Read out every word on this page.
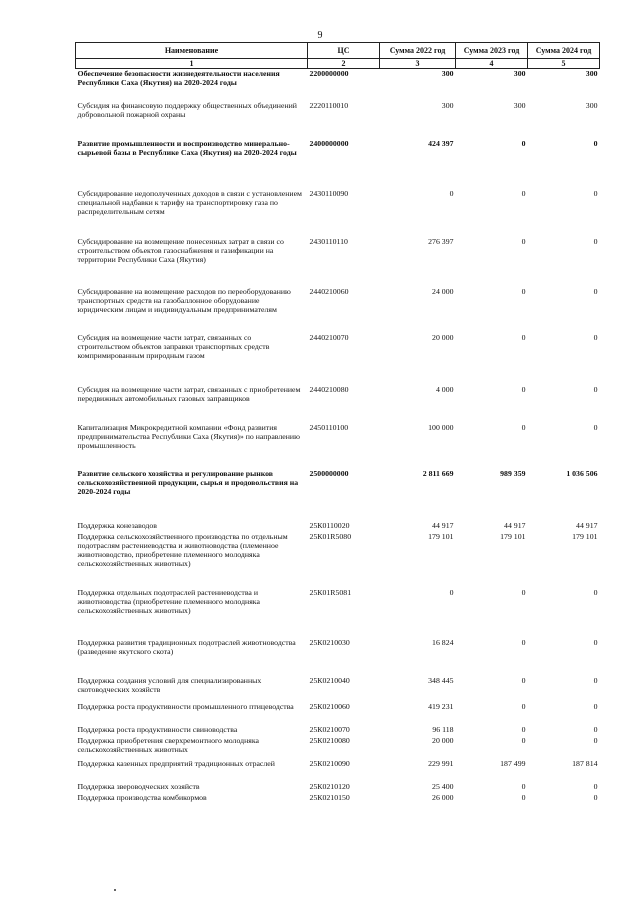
9
Наименование	ЦС	Сумма 2022 год	Сумма 2023 год	Сумма 2024 год
1	2	3	4	5
Обеспечение безопасности жизнедеятельности населения Республики Саха (Якутия) на 2020-2024 годы	2200000000	300	300	300
Субсидия на финансовую поддержку общественных объединений добровольной пожарной охраны	2220110010	300	300	300
Развитие промышленности и воспроизводство минерально-сырьевой базы в Республике Саха (Якутия) на 2020-2024 годы	2400000000	424 397	0	0
Субсидирование недополученных доходов в связи с установлением специальной надбавки к тарифу на транспортировку газа по распределительным сетям	2430110090	0	0	0
Субсидирование на возмещение понесенных затрат в связи со строительством объектов газоснабжения и газификации на территории Республики Саха (Якутия)	2430110110	276 397	0	0
Субсидирование на возмещение расходов по переоборудованию транспортных средств на газобаллонное оборудование юридическим лицам и индивидуальным предпринимателям	2440210060	24 000	0	0
Субсидия на возмещение части затрат, связанных со строительством объектов заправки транспортных средств компримированным природным газом	2440210070	20 000	0	0
Субсидия на возмещение части затрат, связанных с приобретением передвижных автомобильных газовых заправщиков	2440210080	4 000	0	0
Капитализация Микрокредитной компании «Фонд развития предпринимательства Республики Саха (Якутия)» по направлению промышленность	2450110100	100 000	0	0
Развитие сельского хозяйства и регулирование рынков сельскохозяйственной продукции, сырья и продовольствия на 2020-2024 годы	2500000000	2 811 669	989 359	1 036 506
Поддержка конезаводов	25К0110020	44 917	44 917	44 917
Поддержка сельскохозяйственного производства по отдельным подотраслям растениеводства и животноводства (племенное животноводство, приобретение племенного молодняка сельскохозяйственных животных)	25К01R5080	179 101	179 101	179 101
Поддержка отдельных подотраслей растениеводства и животноводства (приобретение племенного молодняка сельскохозяйственных животных)	25К01R5081	0	0	0
Поддержка развития традиционных подотраслей животноводства (разведение якутского скота)	25К0210030	16 824	0	0
Поддержка создания условий для специализированных скотоводческих хозяйств	25К0210040	348 445	0	0
Поддержка роста продуктивности промышленного птицеводства	25К0210060	419 231	0	0
Поддержка роста продуктивности свиноводства	25К0210070	96 118	0	0
Поддержка приобретения сверхремонтного молодняка сельскохозяйственных животных	25К0210080	20 000	0	0
Поддержка казенных предприятий традиционных отраслей	25К0210090	229 991	187 499	187 814
Поддержка звероводческих хозяйств	25К0210120	25 400	0	0
Поддержка производства комбикормов	25К0210150	26 000	0	0
